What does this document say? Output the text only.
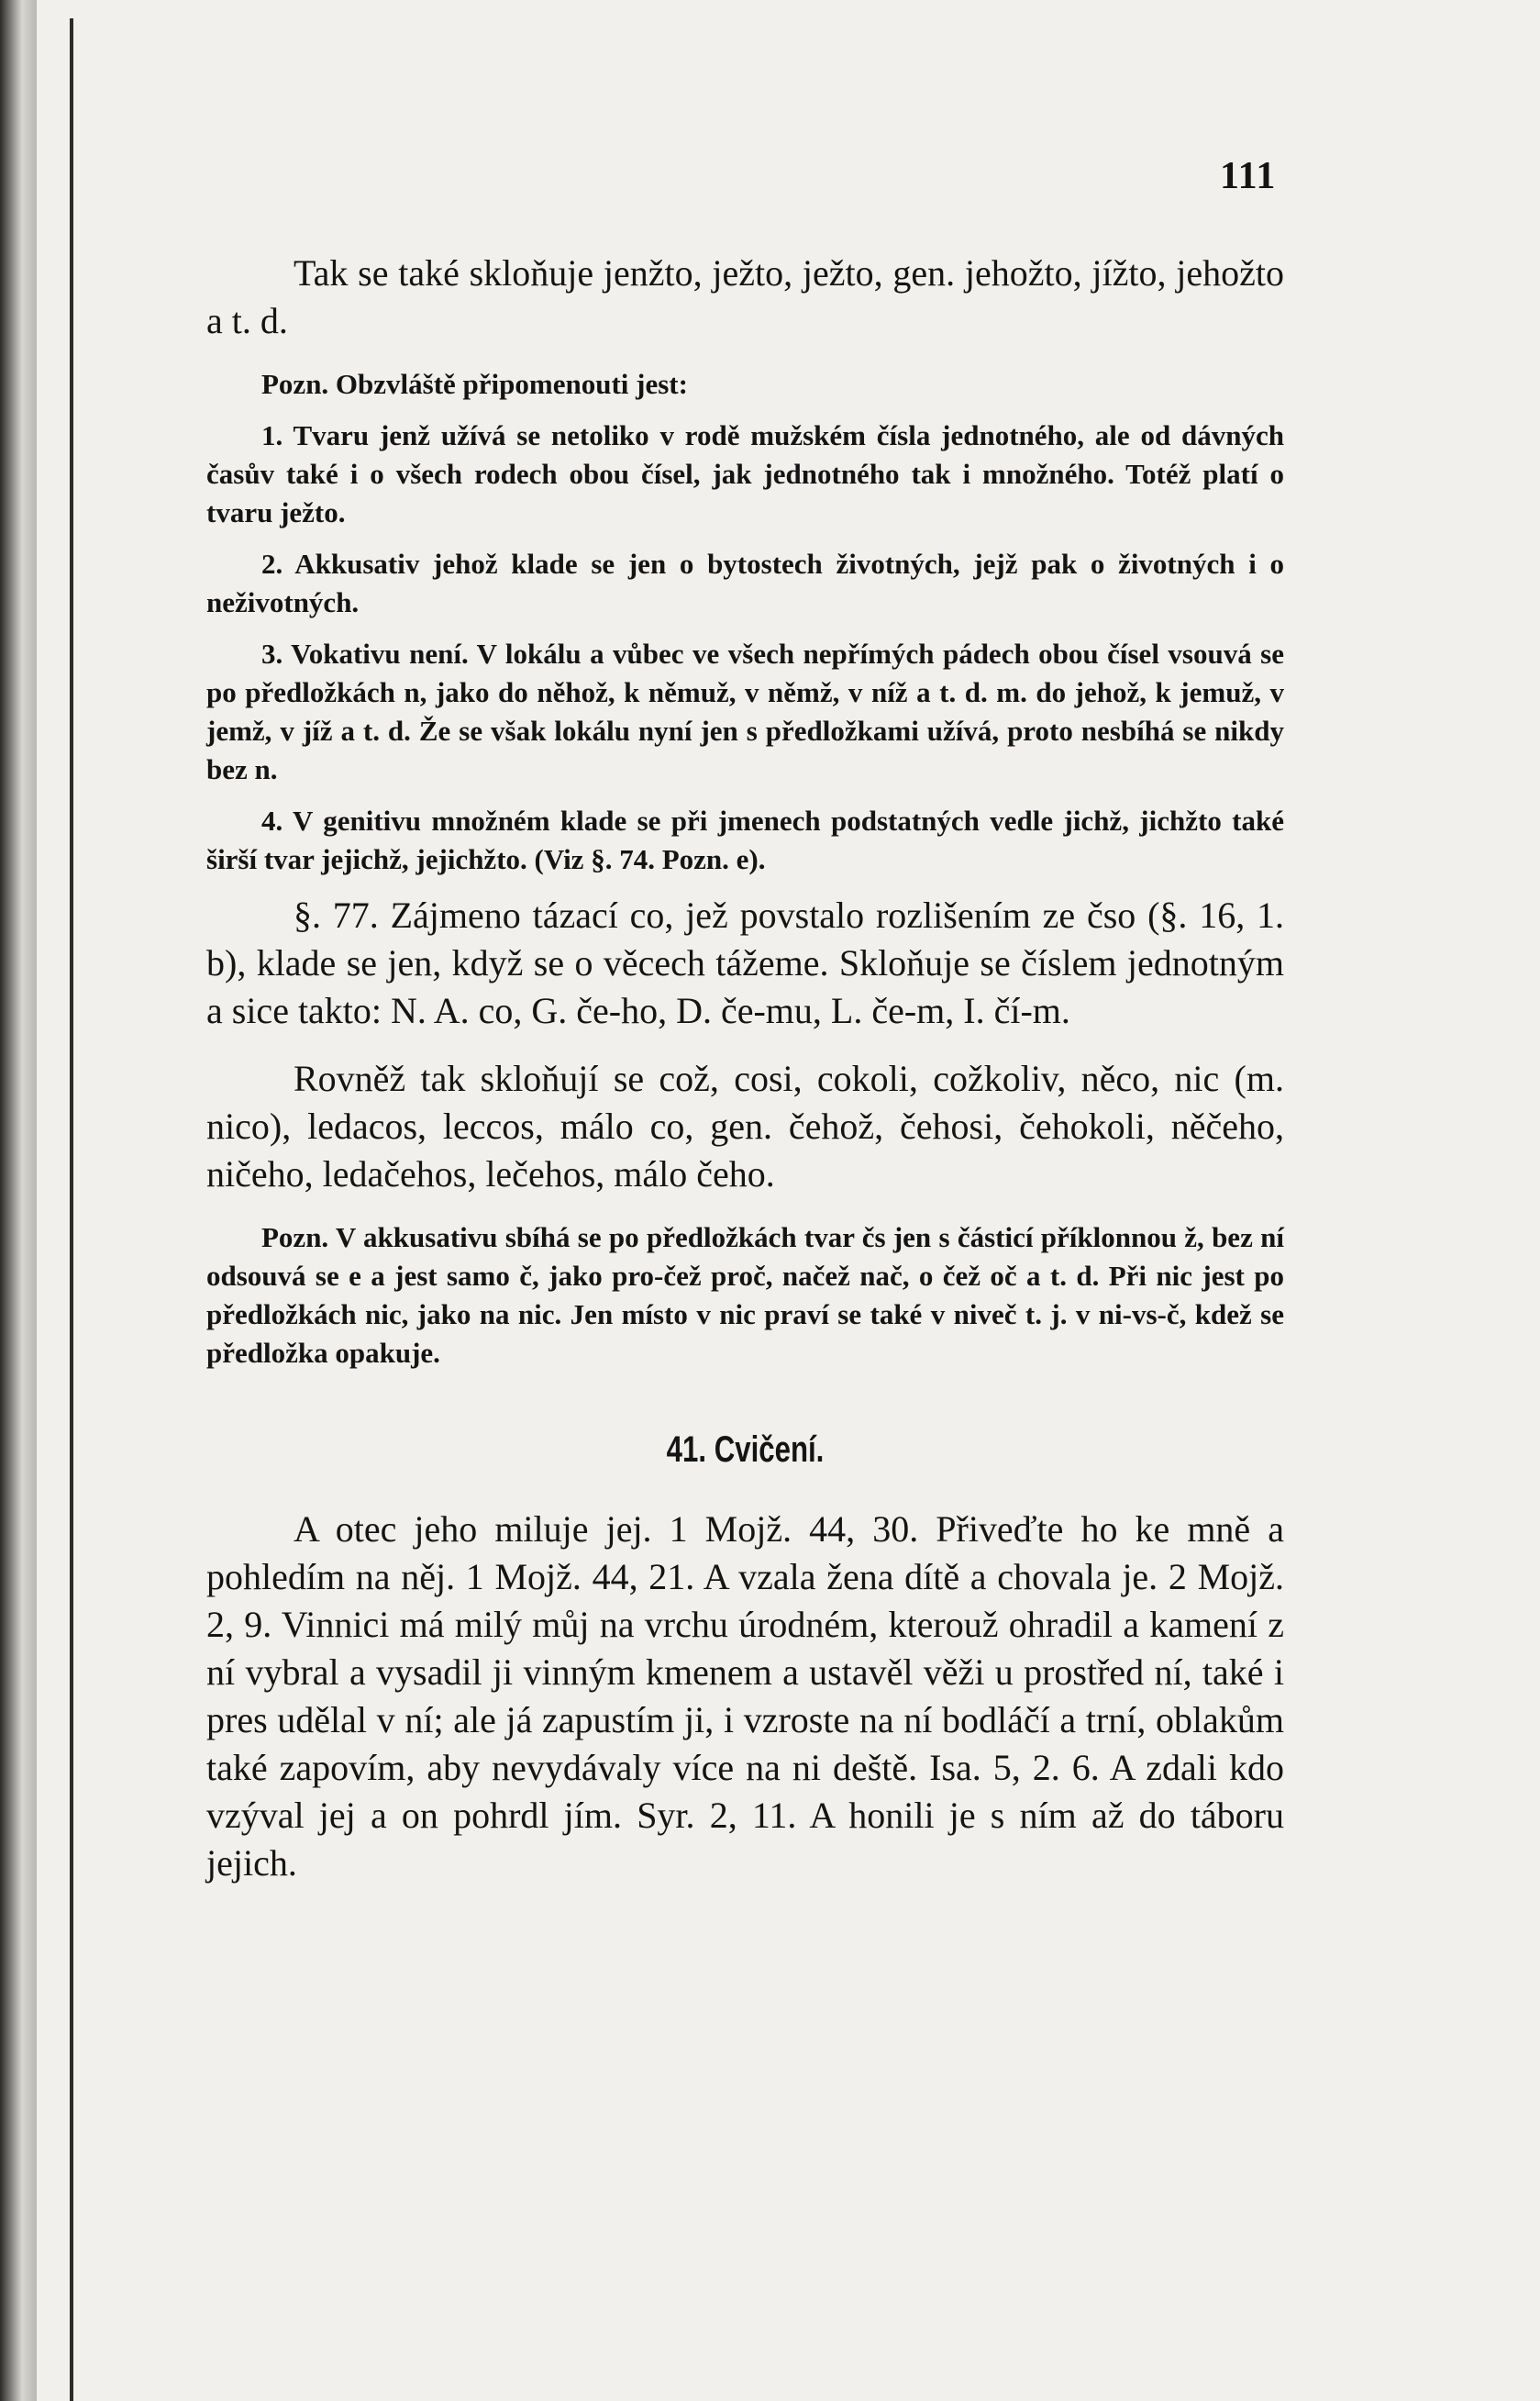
111

Tak se také skloňuje jenžto, ježto, ježto, gen. jehožto, jížto, jehožto a t. d.

Pozn. Obzvláště připomenouti jest:

1. Tvaru jenž užívá se netoliko v rodě mužském čísla jednotného, ale od dávných časův také i o všech rodech obou čísel, jak jednotného tak i množného. Totéž platí o tvaru ježto.

2. Akkusativ jehož klade se jen o bytostech životných, jejž pak o životných i o neživotných.

3. Vokativu není. V lokálu a vůbec ve všech nepřímých pádech obou čísel vsouvá se po předložkách n, jako do něhož, k němuž, v němž, v níž a t. d. m. do jehož, k jemuž, v jemž, v jíž a t. d. Že se však lokálu nyní jen s předložkami užívá, proto nesbíhá se nikdy bez n.

4. V genitivu množném klade se při jmenech podstatných vedle jichž, jichžto také širší tvar jejichž, jejichžto. (Viz §. 74. Pozn. e).

§. 77. Zájmeno tázací co, jež povstalo rozlišením ze čso (§. 16, 1. b), klade se jen, když se o věcech tážeme. Skloňuje se číslem jednotným a sice takto: N. A. co, G. če-ho, D. če-mu, L. če-m, I. čí-m.

Rovněž tak skloňují se což, cosi, cokoli, cožkoliv, něco, nic (m. nico), ledacos, leccos, málo co, gen. čehož, čehosi, čehokoli, něčeho, ničeho, ledačehos, lečehos, málo čeho.

Pozn. V akkusativu sbíhá se po předložkách tvar čs jen s částicí příklonnou ž, bez ní odsouvá se e a jest samo č, jako pro-čež proč, načež nač, o čež oč a t. d. Při nic jest po předložkách nic, jako na nic. Jen místo v nic praví se také v niveč t. j. v ni-vs-č, kdež se předložka opakuje.

41. Cvičení.

A otec jeho miluje jej. 1 Mojž. 44, 30. Přiveďte ho ke mně a pohledím na něj. 1 Mojž. 44, 21. A vzala žena dítě a chovala je. 2 Mojž. 2, 9. Vinnici má milý můj na vrchu úrodném, kterouž ohradil a kamení z ní vybral a vysadil ji vinným kmenem a ustavěl věži u prostřed ní, také i pres udělal v ní; ale já zapustím ji, i vzroste na ní bodláčí a trní, oblakům také zapovím, aby nevydávaly více na ni deště. Isa. 5, 2. 6. A zdali kdo vzýval jej a on pohrdl jím. Syr. 2, 11. A honili je s ním až do táboru jejich.
